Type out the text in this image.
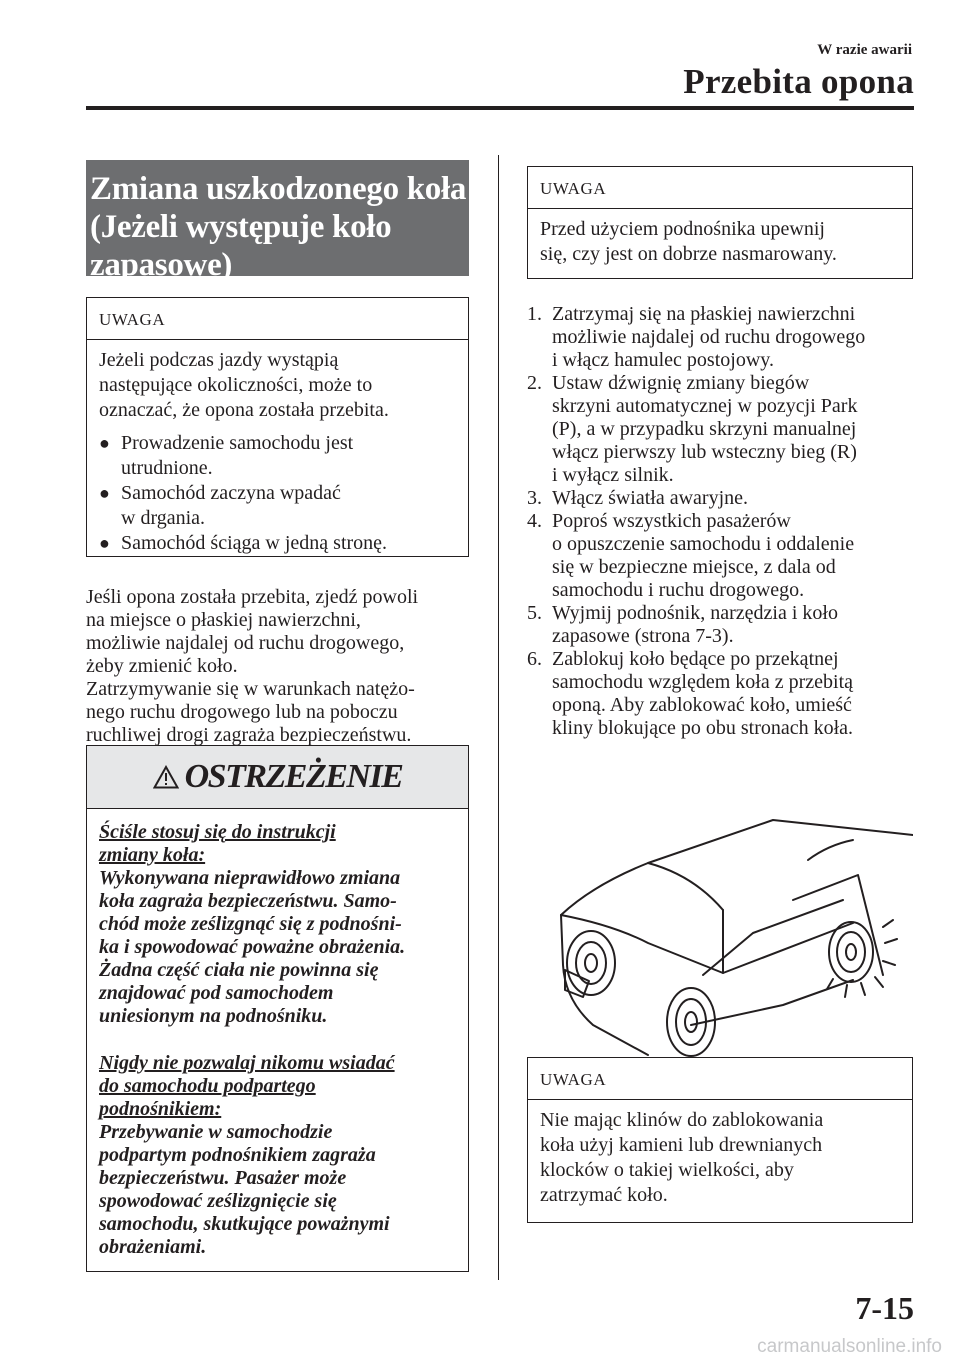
W razie awarii
Przebita opona
Zmiana uszkodzonego koła
(Jeżeli występuje koło
zapasowe)
UWAGA

Jeżeli podczas jazdy wystąpią

następujące okoliczności, może to

oznaczać, że opona została przebita.

● Prowadzenie samochodu jest
utrudnione.
● Samochód zaczyna wpadać
w drgania.
● Samochód ściąga w jedną stronę.

Jeśli opona została przebita, zjedź powoli

na miejsce o płaskiej nawierzchni,

możliwie najdalej od ruchu drogowego,

żeby zmienić koło.

Zatrzymywanie się w warunkach natężo-

nego ruchu drogowego lub na poboczu

ruchliwej drogi zagraża bezpieczeństwu.

OSTRZEŻENIE

Ściśle stosuj się do instrukcji

zmiany koła:

Wykonywana nieprawidłowo zmiana

koła zagraża bezpieczeństwu. Samo-

chód może ześlizgnąć się z podnośni-

ka i spowodować poważne obrażenia.

Żadna część ciała nie powinna się

znajdować pod samochodem

uniesionym na podnośniku.

Nigdy nie pozwalaj nikomu wsiadać

do samochodu podpartego

podnośnikiem:

Przebywanie w samochodzie

podpartym podnośnikiem zagraża

bezpieczeństwu. Pasażer może

spowodować ześlizgnięcie się

samochodu, skutkujące poważnymi

obrażeniami.

UWAGA

Przed użyciem podnośnika upewnij

się, czy jest on dobrze nasmarowany.

1. Zatrzymaj się na płaskiej nawierzchni
możliwie najdalej od ruchu drogowego
i włącz hamulec postojowy.
2. Ustaw dźwignię zmiany biegów
skrzyni automatycznej w pozycji Park
(P), a w przypadku skrzyni manualnej
włącz pierwszy lub wsteczny bieg (R)
i wyłącz silnik.
3. Włącz światła awaryjne.
4. Poproś wszystkich pasażerów
o opuszczenie samochodu i oddalenie
się w bezpieczne miejsce, z dala od
samochodu i ruchu drogowego.
5. Wyjmij podnośnik, narzędzia i koło
zapasowe (strona 7-3).
6. Zablokuj koło będące po przekątnej
samochodu względem koła z przebitą
oponą. Aby zablokować koło, umieść
kliny blokujące po obu stronach koła.
UWAGA

Nie mając klinów do zablokowania

koła użyj kamieni lub drewnianych

klocków o takiej wielkości, aby

zatrzymać koło.

7-15
carmanualsonline.info
